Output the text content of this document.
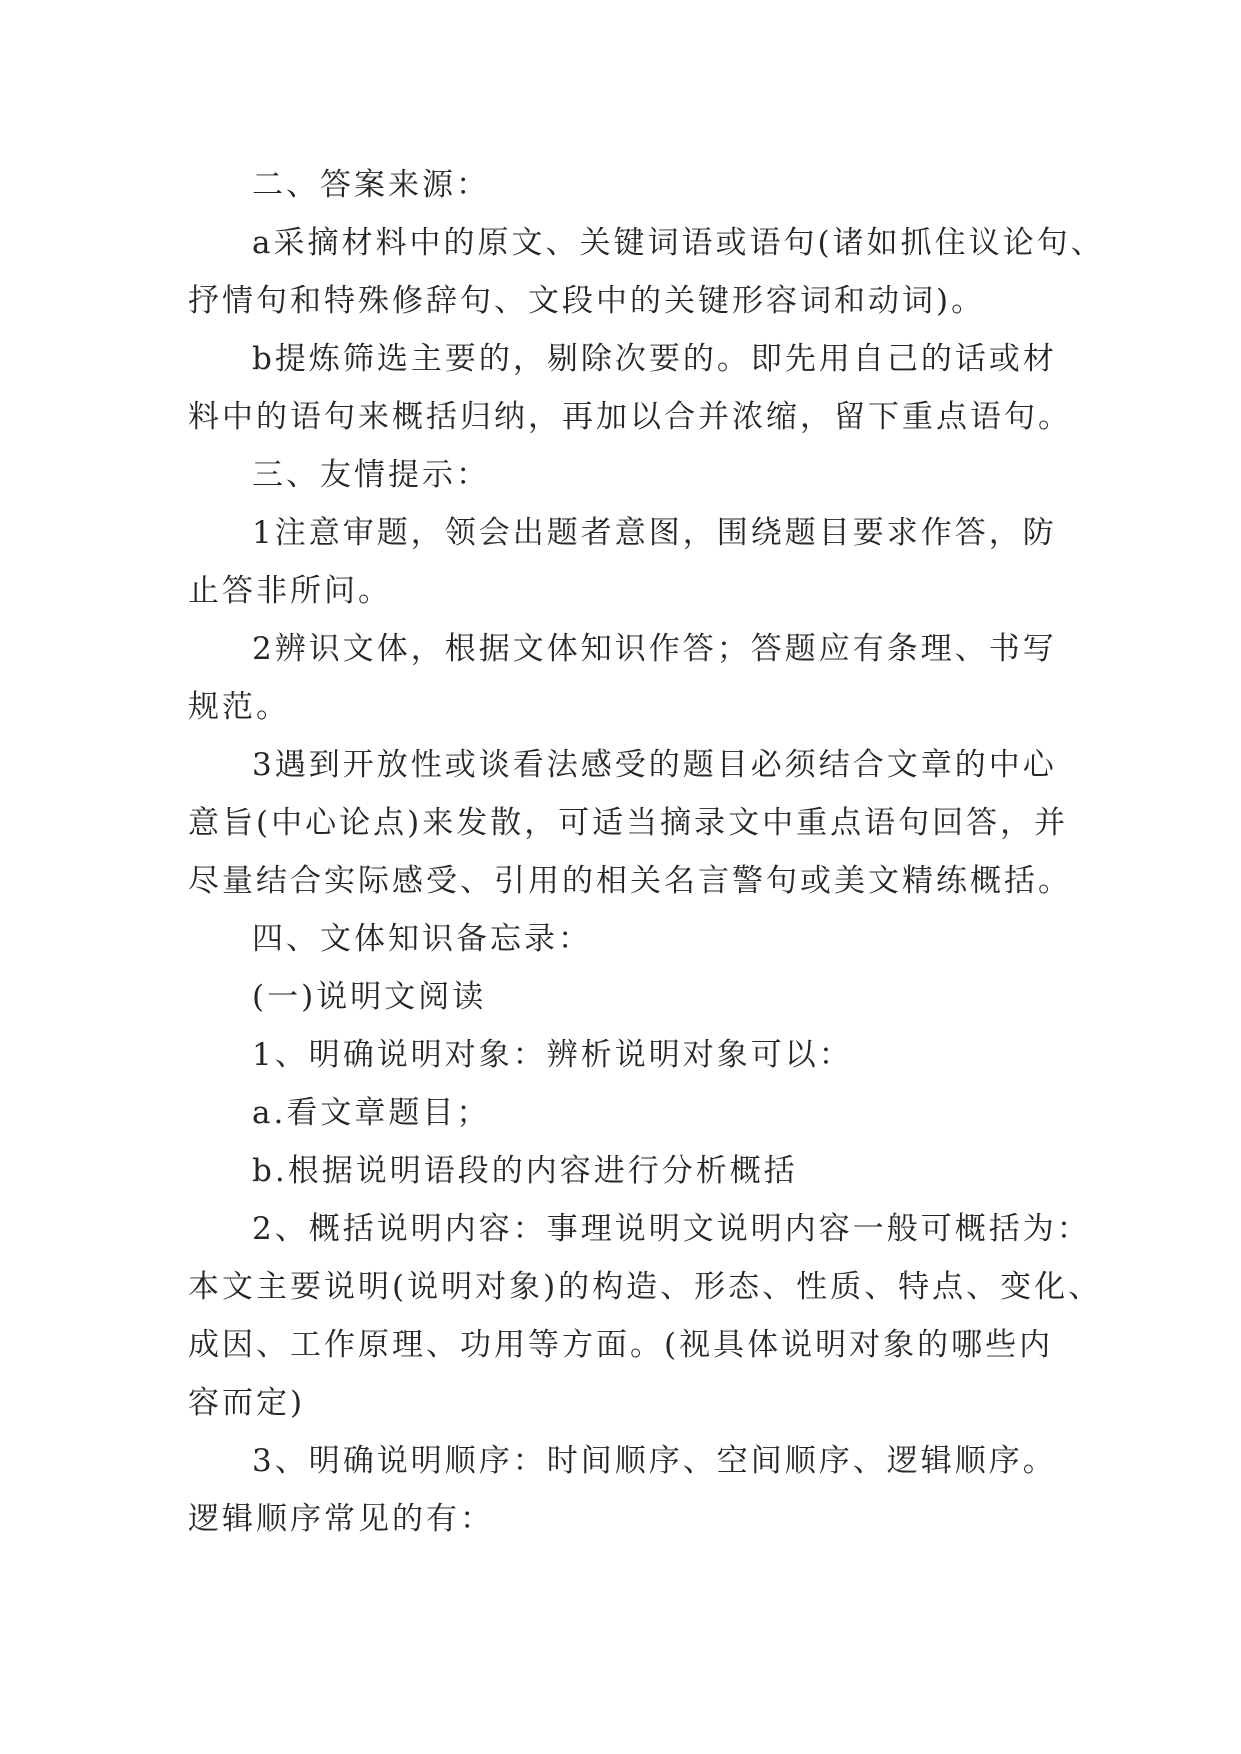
二、答案来源：

a采摘材料中的原文、关键词语或语句(诸如抓住议论句、

抒情句和特殊修辞句、文段中的关键形容词和动词)。

b提炼筛选主要的，剔除次要的。即先用自己的话或材

料中的语句来概括归纳，再加以合并浓缩，留下重点语句。

三、友情提示：

1注意审题，领会出题者意图，围绕题目要求作答，防

止答非所问。

2辨识文体，根据文体知识作答；答题应有条理、书写

规范。

3遇到开放性或谈看法感受的题目必须结合文章的中心

意旨(中心论点)来发散，可适当摘录文中重点语句回答，并

尽量结合实际感受、引用的相关名言警句或美文精练概括。

四、文体知识备忘录：

(一)说明文阅读

1、明确说明对象：辨析说明对象可以：

a.看文章题目；

b.根据说明语段的内容进行分析概括

2、概括说明内容：事理说明文说明内容一般可概括为：

本文主要说明(说明对象)的构造、形态、性质、特点、变化、

成因、工作原理、功用等方面。(视具体说明对象的哪些内

容而定)

3、明确说明顺序：时间顺序、空间顺序、逻辑顺序。

逻辑顺序常见的有：
